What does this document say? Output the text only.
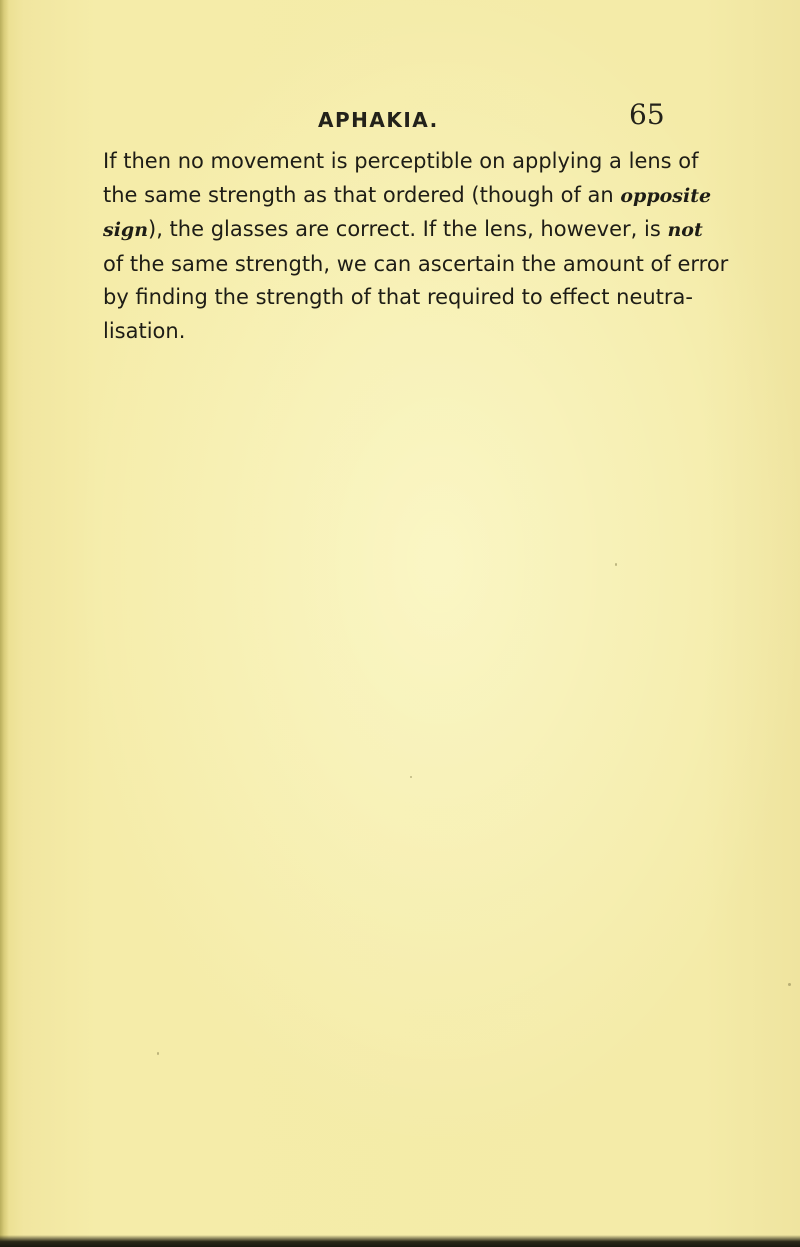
APHAKIA.	65

If then no movement is perceptible on applying a lens of
the same strength as that ordered (though of an opposite
sign), the glasses are correct. If the lens, however, is not
of the same strength, we can ascertain the amount of error
by finding the strength of that required to effect neutra-
lisation.
